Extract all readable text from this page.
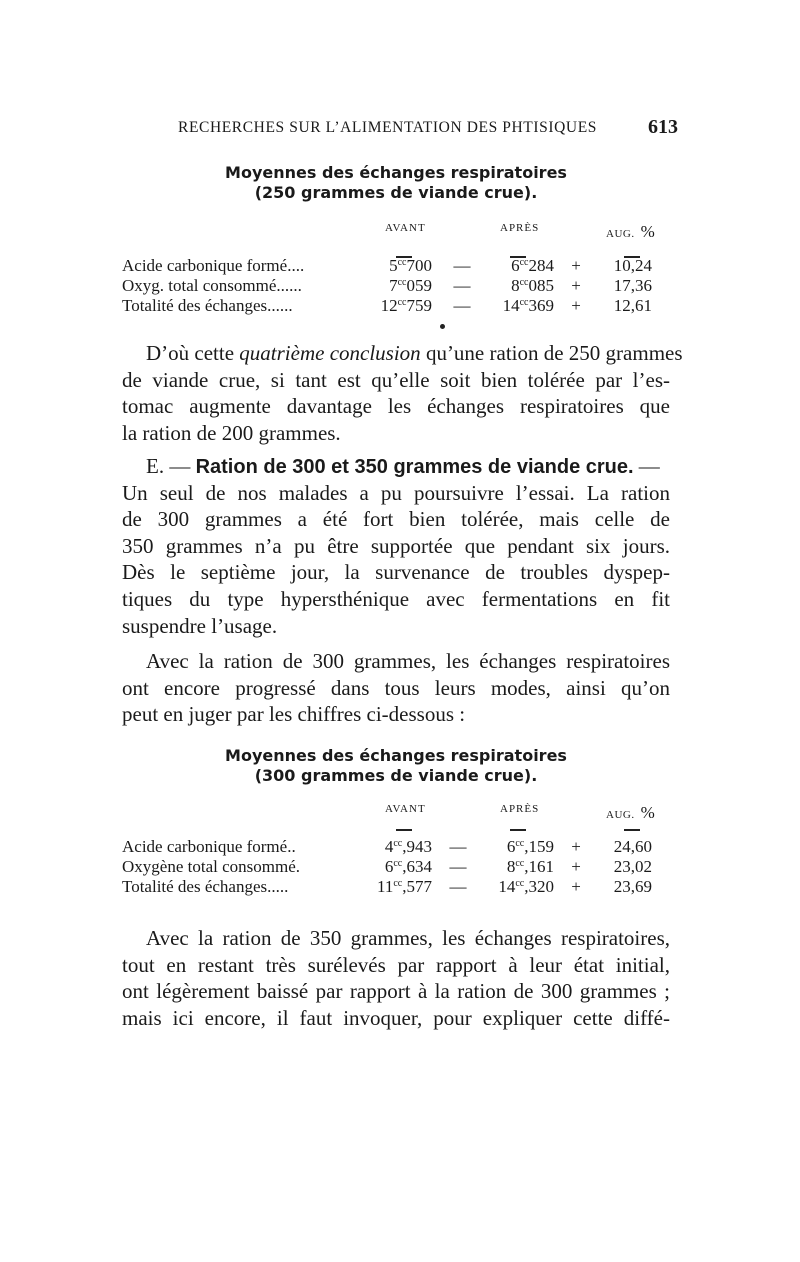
RECHERCHES SUR L’ALIMENTATION DES PHTISIQUES	613
Moyennes des échanges respiratoires
(250 grammes de viande crue).
AVANT	APRÈS	AUG. %
Acide carbonique formé....	$5^{cc}700$ —	$6^{cc}284$	+	10,24
Oxyg. total consommé......	$7^{cc}059$ —	$8^{cc}085$	+	17,36
Totalité des échanges......	$12^{cc}759$ —	$14^{cc}369$	+	12,61
D’où cette quatrième conclusion qu’une ration de 250 grammes
de viande crue, si tant est qu’elle soit bien tolérée par l’es-
tomac augmente davantage les échanges respiratoires que
la ration de 200 grammes.
E. — Ration de 300 et 350 grammes de viande crue. —
Un seul de nos malades a pu poursuivre l’essai. La ration
de 300 grammes a été fort bien tolérée, mais celle de
350 grammes n’a pu être supportée que pendant six jours.
Dès le septième jour, la survenance de troubles dyspep-
tiques du type hypersthénique avec fermentations en fit
suspendre l’usage.
Avec la ration de 300 grammes, les échanges respiratoires
ont encore progressé dans tous leurs modes, ainsi qu’on
peut en juger par les chiffres ci-dessous :
Moyennes des échanges respiratoires
(300 grammes de viande crue).
AVANT	APRÈS	AUG. %
Acide carbonique formé..	$4^{cc},943$ —	$6^{cc},159$	+	24,60
Oxygène total consommé.	$6^{cc},634$ —	$8^{cc},161$	+	23,02
Totalité des échanges.....	$11^{cc},577$ —	$14^{cc},320$	+	23,69
Avec la ration de 350 grammes, les échanges respiratoires,
tout en restant très surélevés par rapport à leur état initial,
ont légèrement baissé par rapport à la ration de 300 grammes ;
mais ici encore, il faut invoquer, pour expliquer cette diffé-
